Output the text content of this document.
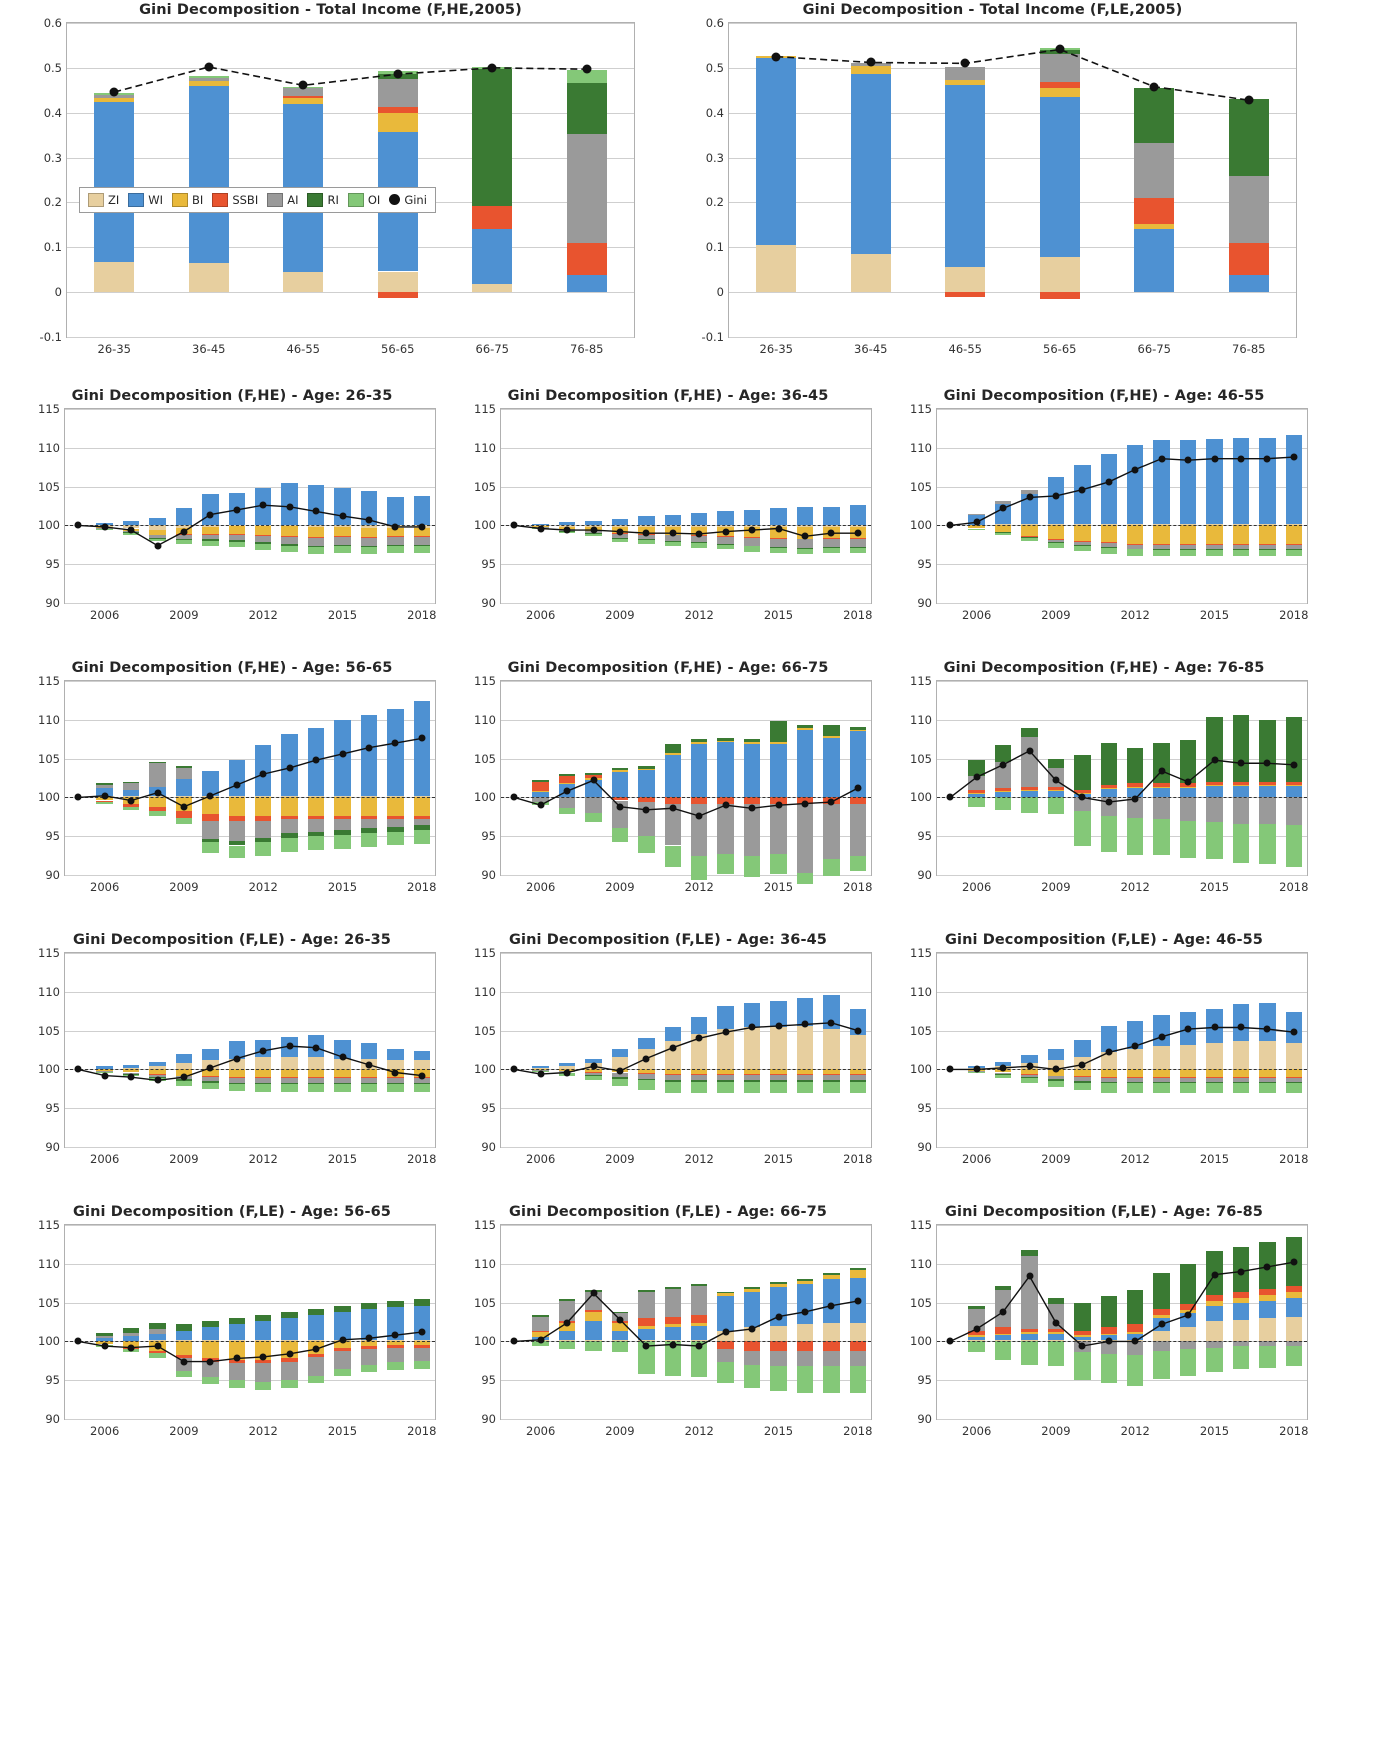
Gini Decomposition - Total Income (F,HE,2005)
-0.1
0
0.1
0.2
0.3
0.4
0.5
0.6
26-35	36-45	46-55	56-65	66-75	76-85
ZI	WI	BI	SSBI	AI	RI	OI Gini
Gini Decomposition - Total Income (F,LE,2005)
-0.1
0
0.1
0.2
0.3
0.4
0.5
0.6
26-35	36-45	46-55	56-65	66-75	76-85
Gini Decomposition (F,HE) - Age: 26-35
90
95
100
105
110
115
2006	2009	2012	2015	2018
Gini Decomposition (F,HE) - Age: 36-45
90
95
100
105
110
115
2006	2009	2012	2015	2018
Gini Decomposition (F,HE) - Age: 46-55
90
95
100
105
110
115
2006	2009	2012	2015	2018
Gini Decomposition (F,HE) - Age: 56-65
90
95
100
105
110
115
2006	2009	2012	2015	2018
Gini Decomposition (F,HE) - Age: 66-75
90
95
100
105
110
115
2006	2009	2012	2015	2018
Gini Decomposition (F,HE) - Age: 76-85
90
95
100
105
110
115
2006	2009	2012	2015	2018
Gini Decomposition (F,LE) - Age: 26-35
90
95
100
105
110
115
2006	2009	2012	2015	2018
Gini Decomposition (F,LE) - Age: 36-45
90
95
100
105
110
115
2006	2009	2012	2015	2018
Gini Decomposition (F,LE) - Age: 46-55
90
95
100
105
110
115
2006	2009	2012	2015	2018
Gini Decomposition (F,LE) - Age: 56-65
90
95
100
105
110
115
2006	2009	2012	2015	2018
Gini Decomposition (F,LE) - Age: 66-75
90
95
100
105
110
115
2006	2009	2012	2015	2018
Gini Decomposition (F,LE) - Age: 76-85
90
95
100
105
110
115
2006	2009	2012	2015	2018
